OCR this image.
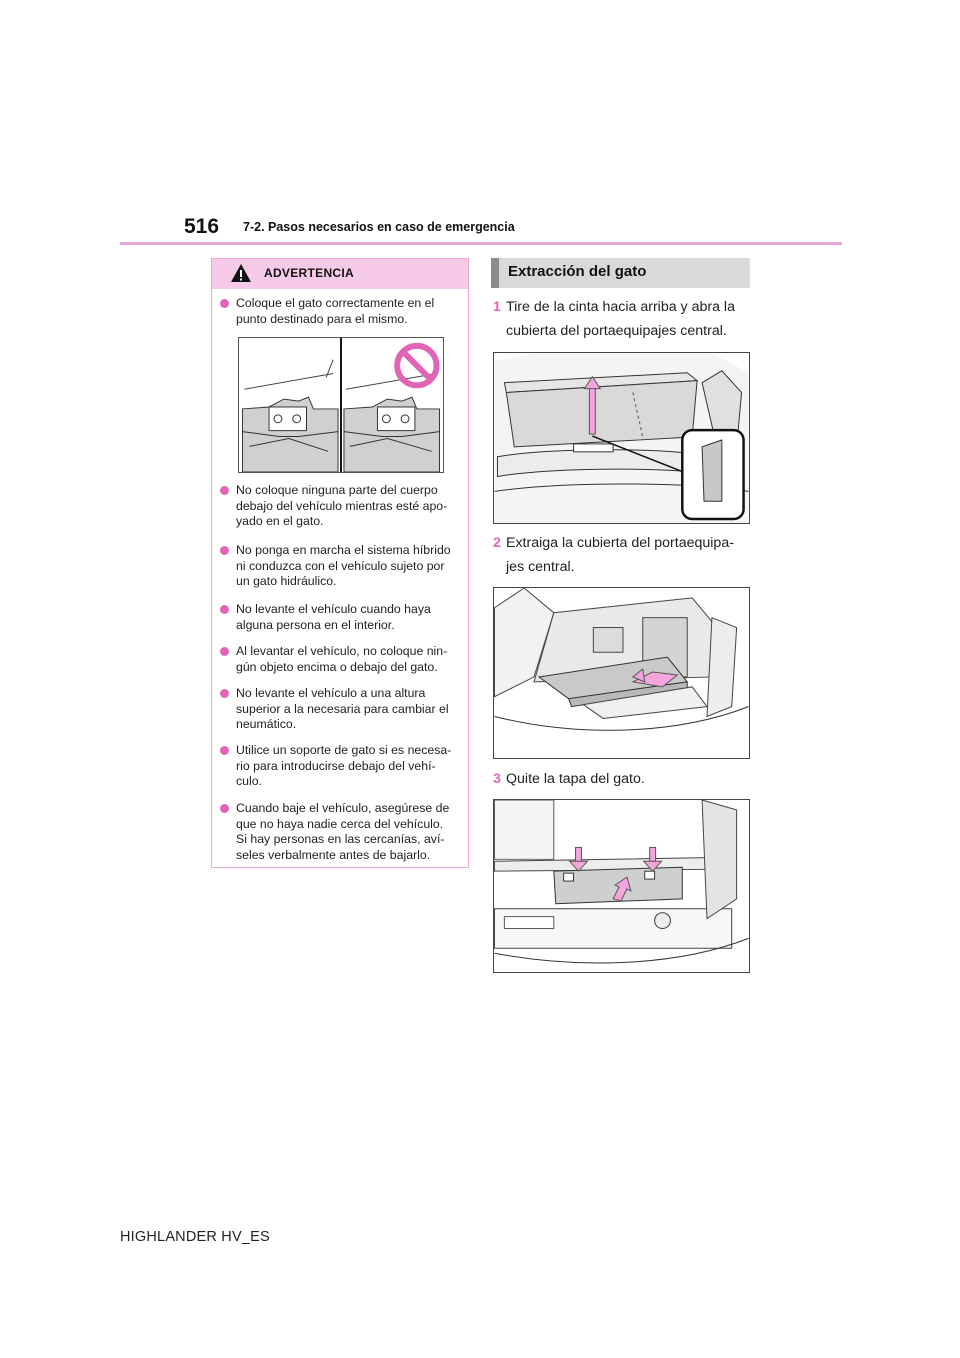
516 7-2. Pasos necesarios en caso de emergencia
ADVERTENCIA
Coloque el gato correctamente en el
punto destinado para el mismo.
No coloque ninguna parte del cuerpo
debajo del vehículo mientras esté apo-
yado en el gato.
No ponga en marcha el sistema híbrido
ni conduzca con el vehículo sujeto por
un gato hidráulico.
No levante el vehículo cuando haya
alguna persona en el interior.
Al levantar el vehículo, no coloque nin-
gún objeto encima o debajo del gato.
No levante el vehículo a una altura
superior a la necesaria para cambiar el
neumático.
Utilice un soporte de gato si es necesa-
rio para introducirse debajo del vehí-
culo.
Cuando baje el vehículo, asegúrese de
que no haya nadie cerca del vehículo.
Si hay personas en las cercanías, aví-
seles verbalmente antes de bajarlo.
Extracción del gato
1 Tire de la cinta hacia arriba y abra la
cubierta del portaequipajes central.
2 Extraiga la cubierta del portaequipa-
jes central.
3 Quite la tapa del gato.
HIGHLANDER HV_ES
